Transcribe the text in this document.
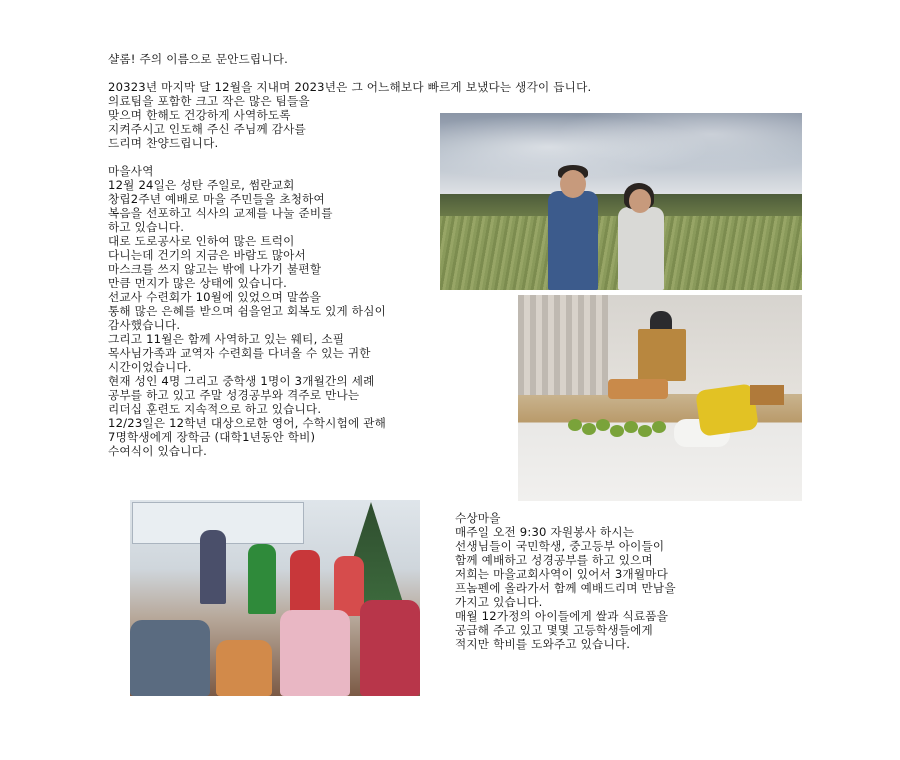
샬롬! 주의 이름으로 문안드립니다.
20323년 마지막 달 12월을 지내며 2023년은 그 어느해보다 빠르게 보냈다는 생각이 듭니다.
의료팀을 포함한 크고 작은 많은 팀들을
맞으며 한해도 건강하게 사역하도록
지켜주시고 인도해 주신 주님께 감사를
드리며 찬양드립니다.
마을사역
12월 24일은 성탄 주일로, 썸란교회
창립2주년 예배로 마을 주민들을 초청하여
복음을 선포하고 식사의 교제를 나눌 준비를
하고 있습니다.
대로 도로공사로 인하여 많은 트럭이
다니는데 건기의 지금은 바람도 많아서
마스크를 쓰지 않고는 밖에 나가기 불편할
만큼 먼지가 많은 상태에 있습니다.
선교사 수련회가 10월에 있었으며 말씀을
통해 많은 은혜를 받으며 쉼을얻고 회복도 있게 하심이
감사했습니다.
그리고 11월은 함께 사역하고 있는 웨티, 소필
목사님가족과 교역자 수련회를 다녀올 수 있는 귀한
시간이었습니다.
현재 성인 4명 그리고 중학생 1명이 3개월간의 세례
공부를 하고 있고 주말 성경공부와 격주로 만나는
리더십 훈련도 지속적으로 하고 있습니다.
12/23일은 12학년 대상으로한 영어, 수학시험에 관해
7명학생에게 장학금 (대학1년동안 학비)
수여식이 있습니다.
수상마을
매주일 오전 9:30 자원봉사 하시는
선생님들이 국민학생, 중고등부 아이들이
함께 예배하고 성경공부를 하고 있으며
저희는 마을교회사역이 있어서 3개월마다
프놈펜에 올라가서 함께 예배드리며 만남을
가지고 있습니다.
매월 12가정의 아이들에게 쌀과 식료품을
공급해 주고 있고 몇몇 고등학생들에게
적지만 학비를 도와주고 있습니다.
